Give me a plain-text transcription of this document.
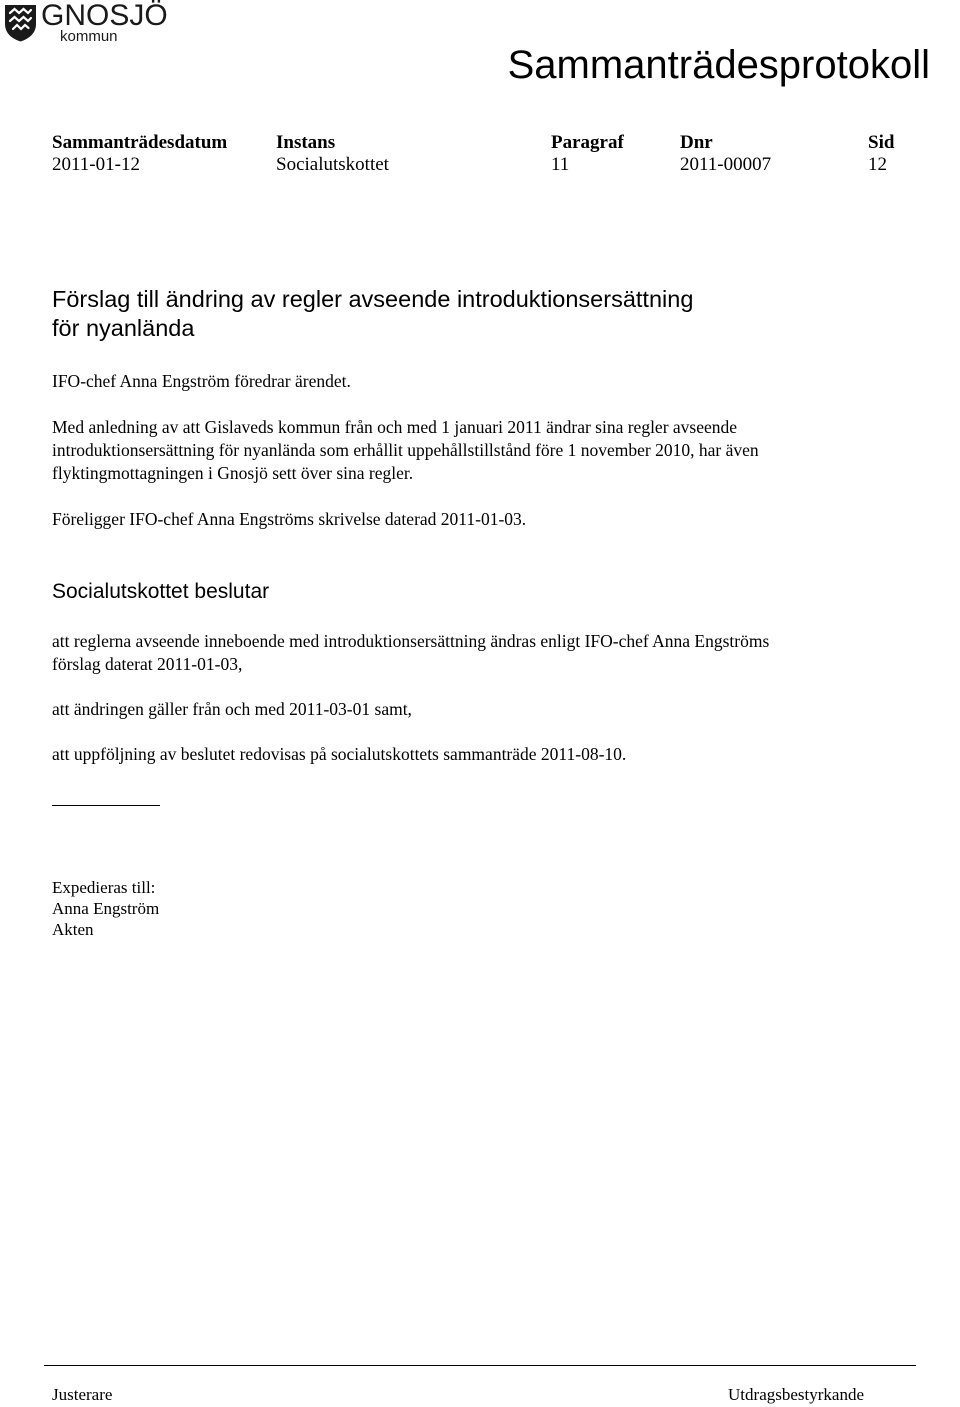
GNOSJÖ
kommun
Sammanträdesprotokoll
Sammanträdesdatum	Instans	Paragraf	Dnr	Sid
2011-01-12	Socialutskottet	11	2011-00007	12
Förslag till ändring av regler avseende introduktionsersättning
för nyanlända

IFO-chef Anna Engström föredrar ärendet.

Med anledning av att Gislaveds kommun från och med 1 januari 2011 ändrar sina regler avseende
introduktionsersättning för nyanlända som erhållit uppehållstillstånd före 1 november 2010, har även
flyktingmottagningen i Gnosjö sett över sina regler.

Föreligger IFO-chef Anna Engströms skrivelse daterad 2011-01-03.

Socialutskottet beslutar

att reglerna avseende inneboende med introduktionsersättning ändras enligt IFO-chef Anna Engströms
förslag daterat 2011-01-03,

att ändringen gäller från och med 2011-03-01 samt,

att uppföljning av beslutet redovisas på socialutskottets sammanträde 2011-08-10.

Expedieras till:
Anna Engström
Akten

Justerare	Utdragsbestyrkande
